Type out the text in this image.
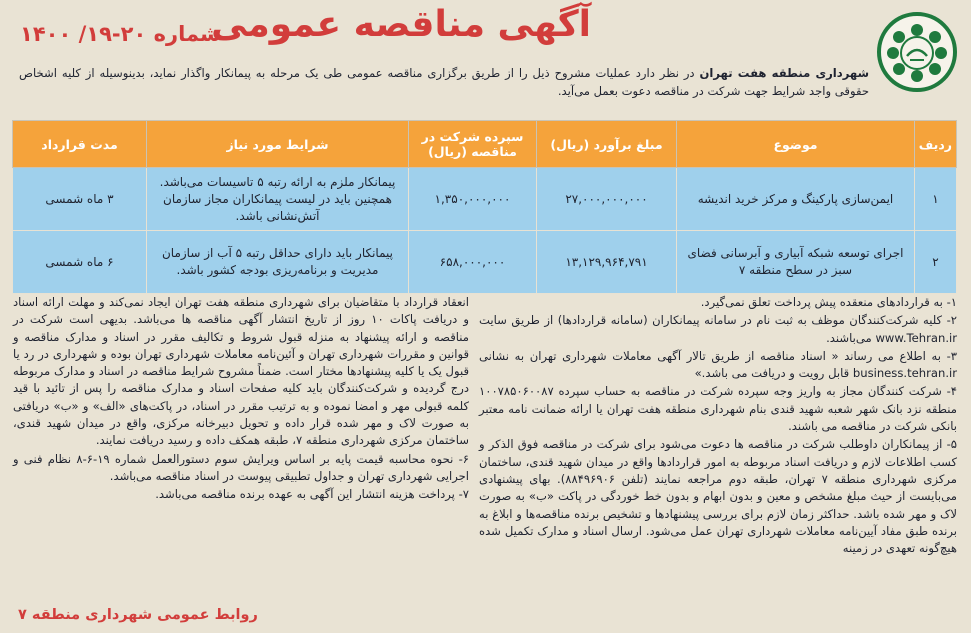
آگهی مناقصه عمومی
شماره ۲۰-۱۹/ ۱۴۰۰

شهرداری منطقه هفت تهران در نظر دارد عملیات مشروح ذیل را از طریق برگزاری مناقصه عمومی طی یک مرحله به پیمانکار واگذار نماید، بدینوسیله از کلیه اشخاص حقوقی واجد شرایط جهت شرکت در مناقصه دعوت بعمل می‌آید.

ردیف	موضوع	مبلغ برآورد (ریال)	سپرده شرکت در مناقصه (ریال)	شرایط مورد نیاز	مدت قرارداد
۱	ایمن‌سازی پارکینگ و مرکز خرید اندیشه	۲۷,۰۰۰,۰۰۰,۰۰۰	۱,۳۵۰,۰۰۰,۰۰۰	پیمانکار ملزم به ارائه رتبه ۵ تاسیسات می‌باشد. همچنین باید در لیست پیمانکاران مجاز سازمان آتش‌نشانی باشد.	۳ ماه شمسی
۲	اجرای توسعه شبکه آبیاری و آبرسانی فضای سبز در سطح منطقه ۷	۱۳,۱۲۹,۹۶۴,۷۹۱	۶۵۸,۰۰۰,۰۰۰	پیمانکار باید دارای حداقل رتبه ۵ آب از سازمان مدیریت و برنامه‌ریزی بودجه کشور باشد.	۶ ماه شمسی

۱- به قراردادهای منعقده پیش پرداخت تعلق نمی‌گیرد.

۲- کلیه شرکت‌کنندگان موظف به ثبت نام در سامانه پیمانکاران (سامانه قراردادها) از طریق سایت www.Tehran.ir می‌باشند.

۳- به اطلاع می رساند « اسناد مناقصه از طریق تالار آگهی معاملات شهرداری تهران به نشانی business.tehran.ir قابل رویت و دریافت می باشد.»

۴- شرکت کنندگان مجاز به واریز وجه سپرده شرکت در مناقصه به حساب سپرده ۱۰۰۷۸۵۰۶۰۰۸۷ منطقه نزد بانک شهر شعبه شهید قندی بنام شهرداری منطقه هفت تهران یا ارائه ضمانت نامه معتبر بانکی شرکت در مناقصه می باشند.

۵- از پیمانکاران داوطلب شرکت در مناقصه ها دعوت می‌شود برای شرکت در مناقصه فوق الذکر و کسب اطلاعات لازم و دریافت اسناد مربوطه به امور قراردادها واقع در میدان شهید قندی، ساختمان مرکزی شهرداری منطقه ۷ تهران، طبقه دوم مراجعه نمایند (تلفن ۸۸۴۹۶۹۰۶). بهای پیشنهادی می‌بایست از حیث مبلغ مشخص و معین و بدون ابهام و بدون خط خوردگی در پاکت «ب» به صورت لاک و مهر شده باشد. حداکثر زمان لازم برای بررسی پیشنهادها و تشخیص برنده مناقصه‌ها و ابلاغ به برنده طبق مفاد آیین‌نامه معاملات شهرداری تهران عمل می‌شود. ارسال اسناد و مدارک تکمیل شده هیچ‌گونه تعهدی در زمینه

انعقاد قرارداد با متقاضیان برای شهرداری منطقه هفت تهران ایجاد نمی‌کند و مهلت ارائه اسناد و دریافت پاکات ۱۰ روز از تاریخ انتشار آگهی مناقصه ها می‌باشد. بدیهی است شرکت در مناقصه و ارائه پیشنهاد به منزله قبول شروط و تکالیف مقرر در اسناد و مدارک مناقصه و قوانین و مقررات شهرداری تهران و آئین‌نامه معاملات شهرداری تهران بوده و شهرداری در رد یا قبول یک یا کلیه پیشنهادها مختار است. ضمناً مشروح شرایط مناقصه در اسناد و مدارک مربوطه درج گردیده و شرکت‌کنندگان باید کلیه صفحات اسناد و مدارک مناقصه را پس از تائید با قید کلمه قبولی مهر و امضا نموده و به ترتیب مقرر در اسناد، در پاکت‌های «الف» و «ب» دریافتی به صورت لاک و مهر شده قرار داده و تحویل دبیرخانه مرکزی، واقع در میدان شهید قندی، ساختمان مرکزی شهرداری منطقه ۷، طبقه همکف داده و رسید دریافت نمایند.

۶- نحوه محاسبه قیمت پایه بر اساس ویرایش سوم دستورالعمل شماره ۱۹-۶-۸ نظام فنی و اجرایی شهرداری تهران و جداول تطبیقی پیوست در اسناد مناقصه می‌باشد.

۷- پرداخت هزینه انتشار این آگهی به عهده برنده مناقصه می‌باشد.

روابط عمومی شهرداری منطقه ۷
